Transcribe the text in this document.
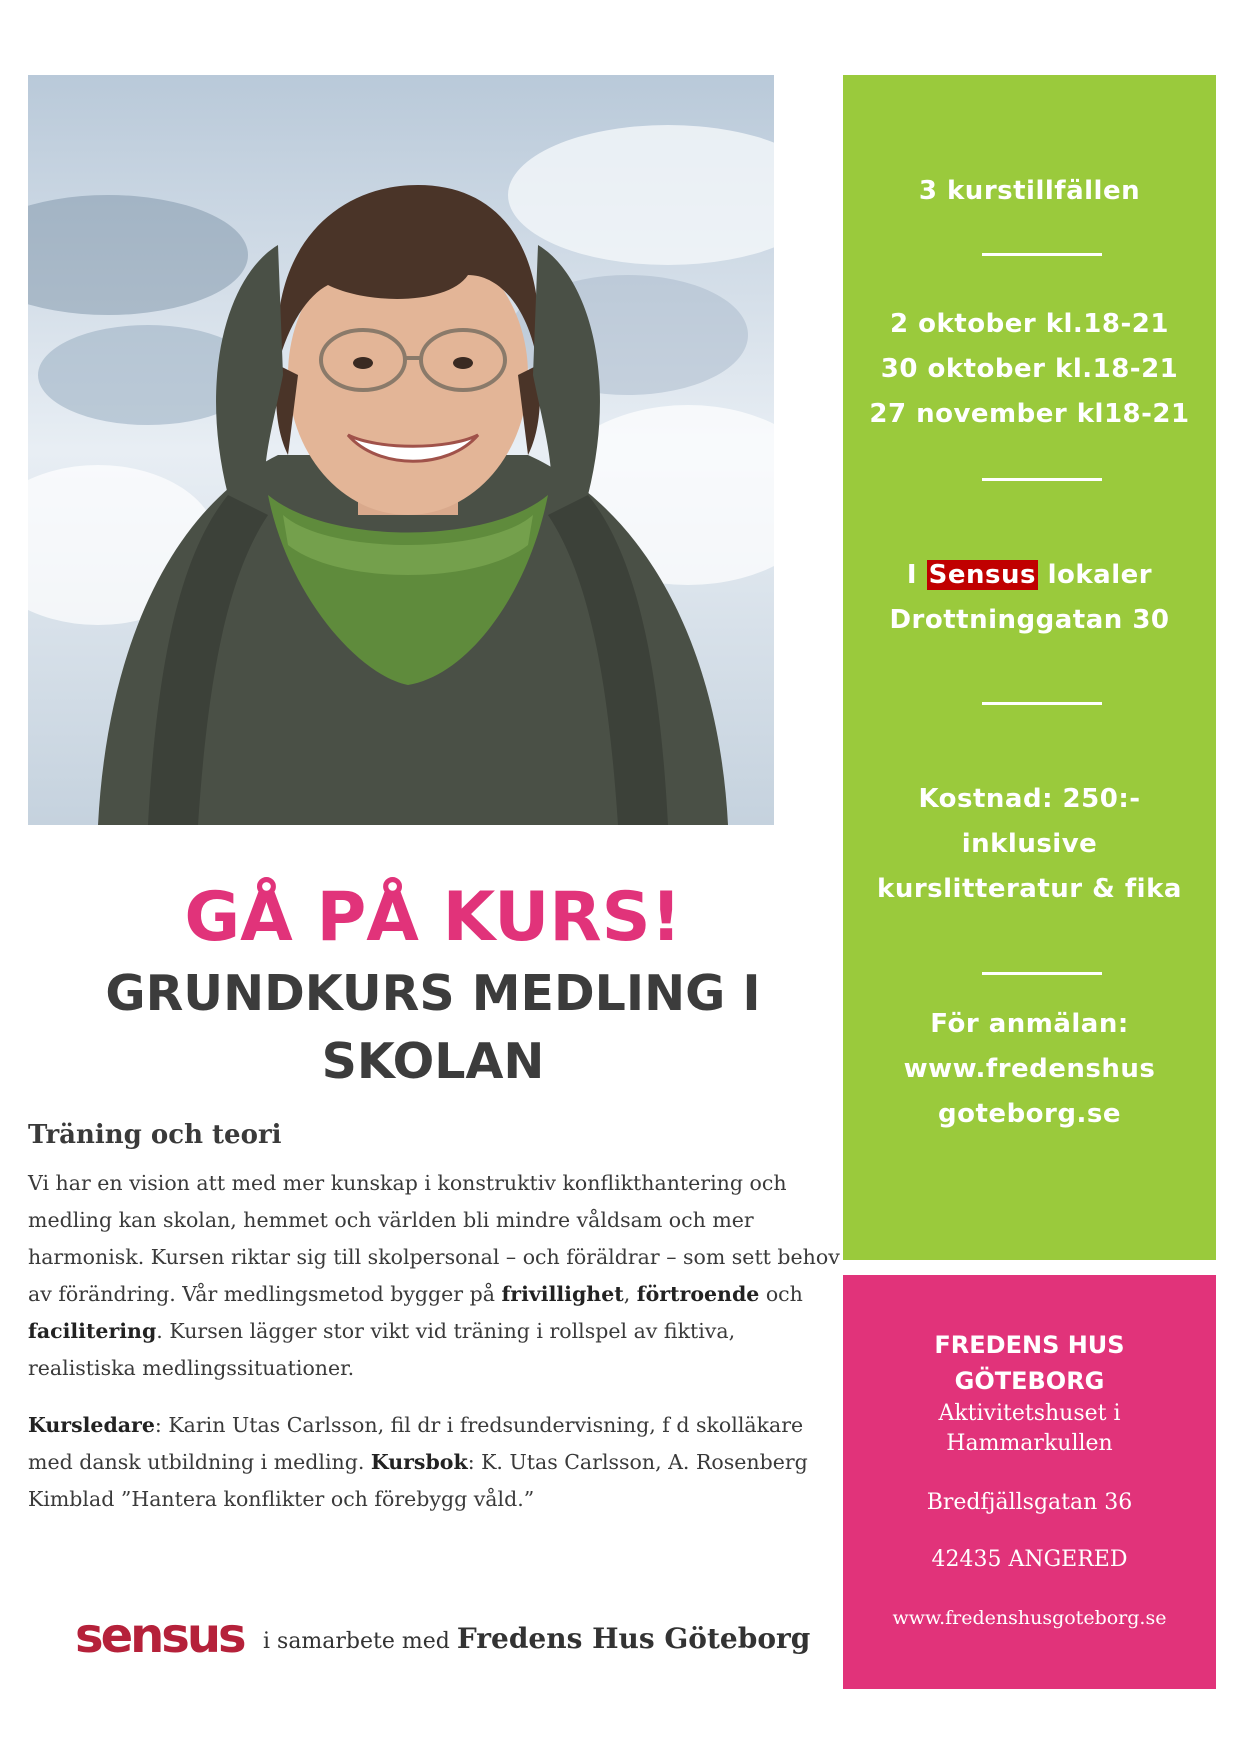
3 kurstillfällen
2 oktober kl.18-21
30 oktober kl.18-21
27 november kl18-21
I Sensus lokaler
Drottninggatan 30
Kostnad: 250:-
inklusive
kurslitteratur & fika
För anmälan:
www.fredenshus
goteborg.se
FREDENS HUS
GÖTEBORG
Aktivitetshuset i
Hammarkullen
Bredfjällsgatan 36
42435 ANGERED
www.fredenshusgoteborg.se
GÅ PÅ KURS!
GRUNDKURS MEDLING I
SKOLAN
Träning och teori

Vi har en vision att med mer kunskap i konstruktiv konflikthantering och medling kan skolan, hemmet och världen bli mindre våldsam och mer harmonisk. Kursen riktar sig till skolpersonal – och föräldrar – som sett behov av förändring. Vår medlingsmetod bygger på frivillighet, förtroende och facilitering. Kursen lägger stor vikt vid träning i rollspel av fiktiva, realistiska medlingssituationer.

Kursledare: Karin Utas Carlsson, fil dr i fredsundervisning, f d skolläkare med dansk utbildning i medling. Kursbok: K. Utas Carlsson, A. Rosenberg Kimblad ”Hantera konflikter och förebygg våld.”

sensus i samarbete med Fredens Hus Göteborg
